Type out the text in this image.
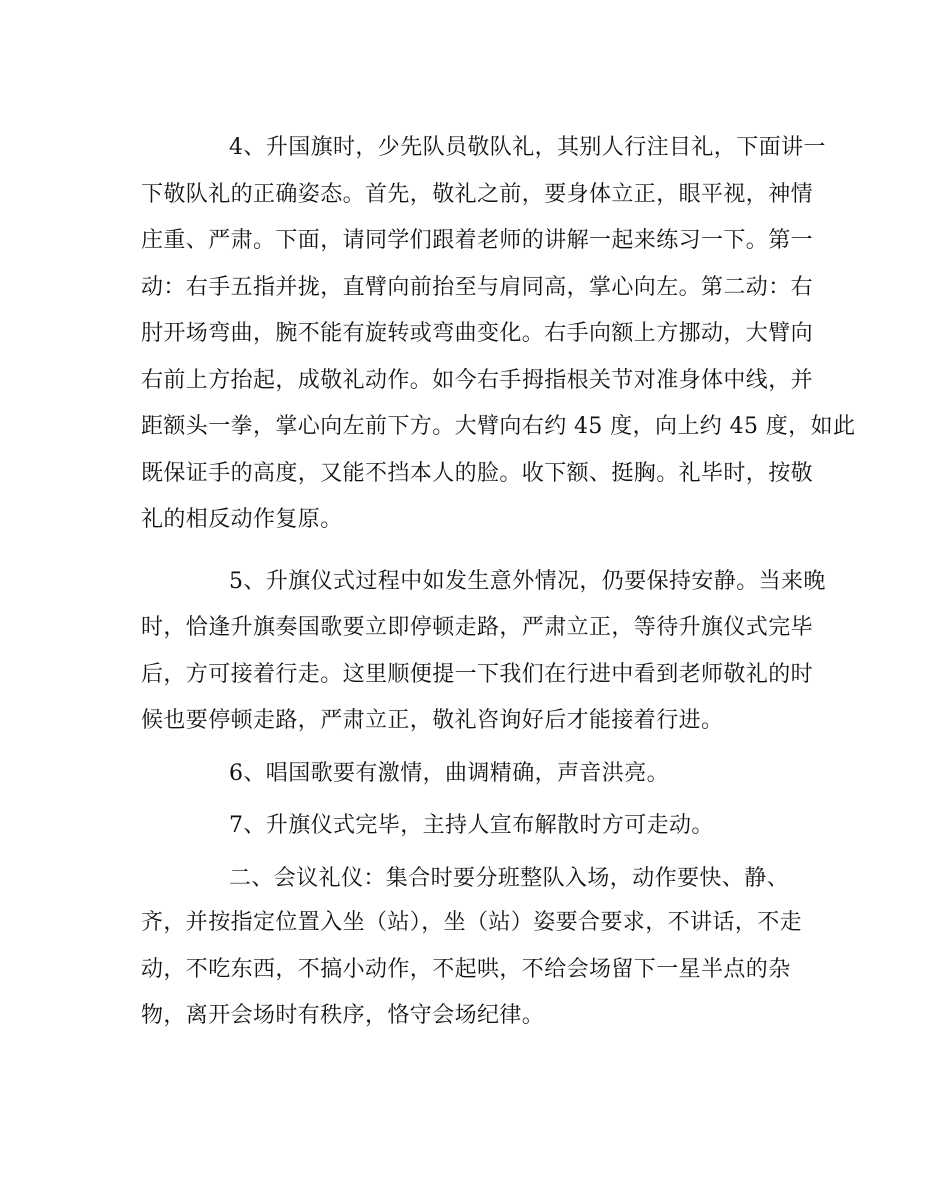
4、升国旗时，少先队员敬队礼，其别人行注目礼，下面讲一
下敬队礼的正确姿态。首先，敬礼之前，要身体立正，眼平视，神情
庄重、严肃。下面，请同学们跟着老师的讲解一起来练习一下。第一
动：右手五指并拢，直臂向前抬至与肩同高，掌心向左。第二动：右
肘开场弯曲，腕不能有旋转或弯曲变化。右手向额上方挪动，大臂向
右前上方抬起，成敬礼动作。如今右手拇指根关节对准身体中线，并
距额头一拳，掌心向左前下方。大臂向右约 45 度，向上约 45 度，如此
既保证手的高度，又能不挡本人的脸。收下额、挺胸。礼毕时，按敬
礼的相反动作复原。
5、升旗仪式过程中如发生意外情况，仍要保持安静。当来晚
时，恰逢升旗奏国歌要立即停顿走路，严肃立正，等待升旗仪式完毕
后，方可接着行走。这里顺便提一下我们在行进中看到老师敬礼的时
候也要停顿走路，严肃立正，敬礼咨询好后才能接着行进。
6、唱国歌要有激情，曲调精确，声音洪亮。
7、升旗仪式完毕，主持人宣布解散时方可走动。
二、会议礼仪：集合时要分班整队入场，动作要快、静、
齐，并按指定位置入坐（站），坐（站）姿要合要求，不讲话，不走
动，不吃东西，不搞小动作，不起哄，不给会场留下一星半点的杂
物，离开会场时有秩序，恪守会场纪律。
